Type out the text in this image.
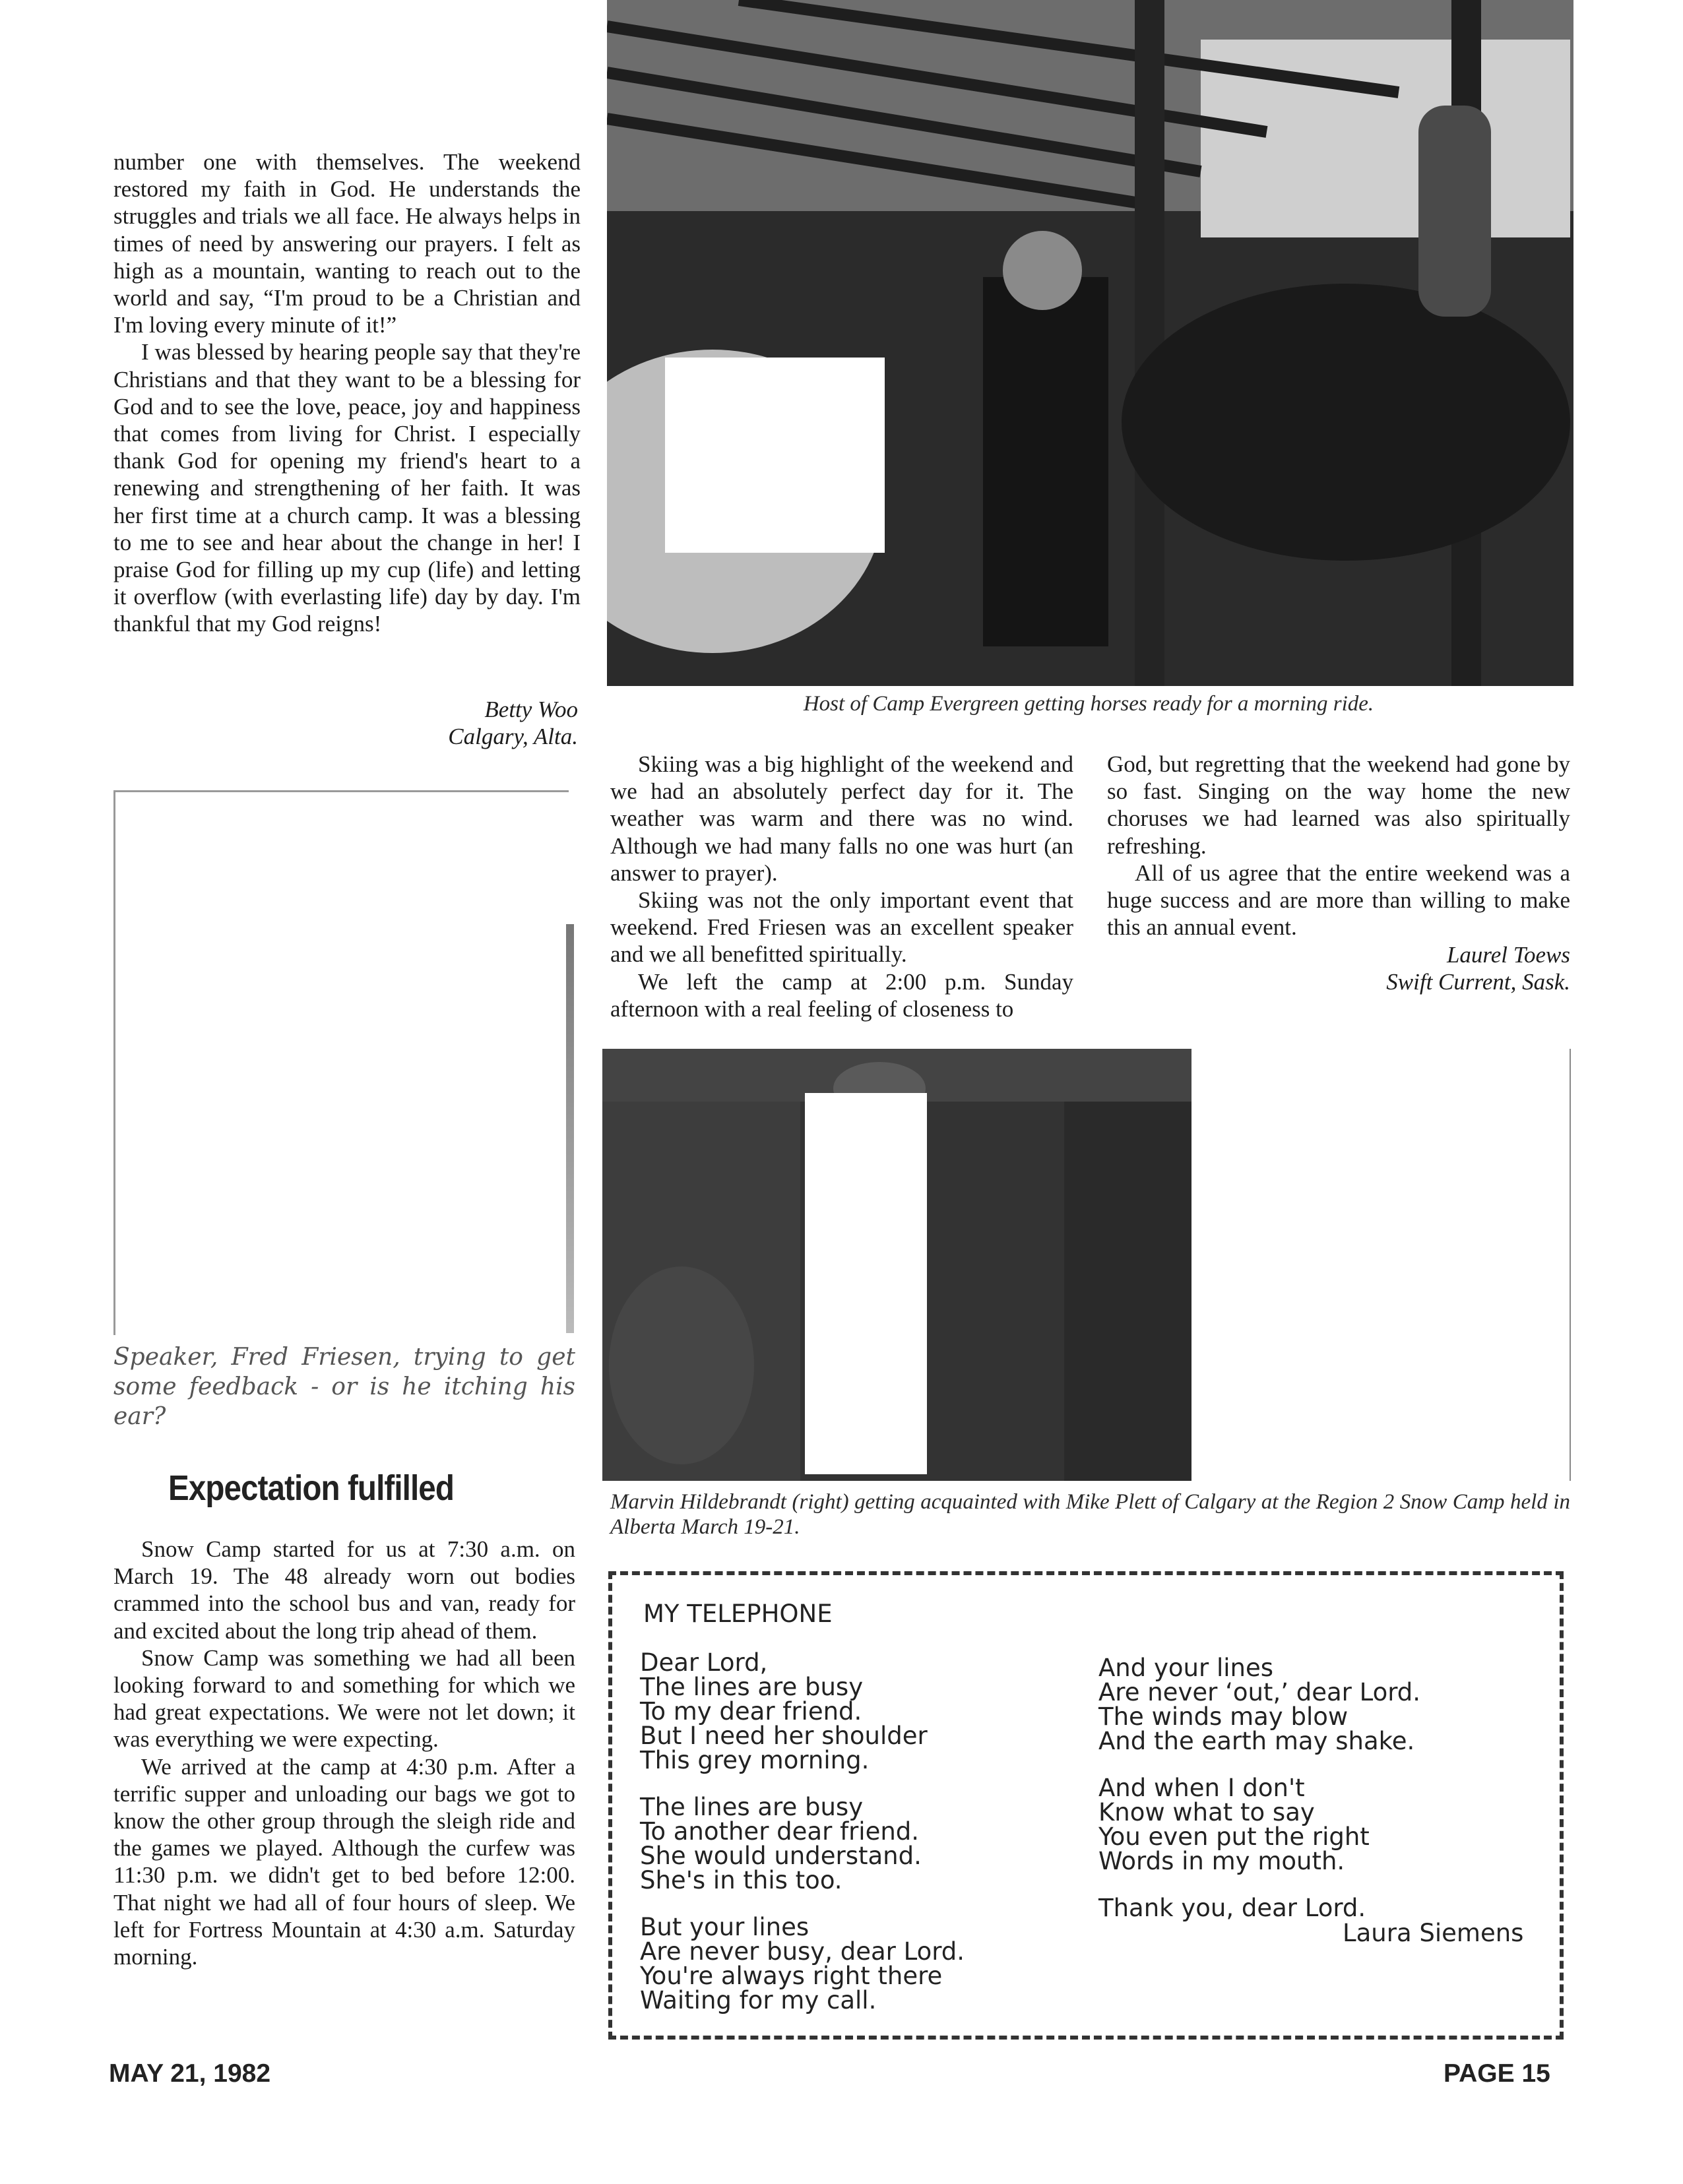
number one with themselves. The weekend restored my faith in God. He understands the struggles and trials we all face. He always helps in times of need by answering our prayers. I felt as high as a mountain, wanting to reach out to the world and say, “I'm proud to be a Christian and I'm loving every minute of it!”

I was blessed by hearing people say that they're Christians and that they want to be a blessing for God and to see the love, peace, joy and happiness that comes from living for Christ. I especially thank God for opening my friend's heart to a renewing and strengthening of her faith. It was her first time at a church camp. It was a blessing to me to see and hear about the change in her! I praise God for filling up my cup (life) and letting it overflow (with everlasting life) day by day. I'm thankful that my God reigns!

Betty Woo
Calgary, Alta.
Speaker, Fred Friesen, trying to get some feedback - or is he itching his ear?
Expectation fulfilled

Snow Camp started for us at 7:30 a.m. on March 19. The 48 already worn out bodies crammed into the school bus and van, ready for and excited about the long trip ahead of them.

Snow Camp was something we had all been looking forward to and something for which we had great expectations. We were not let down; it was everything we were expecting.

We arrived at the camp at 4:30 p.m. After a terrific supper and unloading our bags we got to know the other group through the sleigh ride and the games we played. Although the curfew was 11:30 p.m. we didn't get to bed before 12:00. That night we had all of four hours of sleep. We left for Fortress Mountain at 4:30 a.m. Saturday morning.

Host of Camp Evergreen getting horses ready for a morning ride.

Skiing was a big highlight of the weekend and we had an absolutely perfect day for it. The weather was warm and there was no wind. Although we had many falls no one was hurt (an answer to prayer).

Skiing was not the only important event that weekend. Fred Friesen was an excellent speaker and we all benefitted spiritually.

We left the camp at 2:00 p.m. Sunday afternoon with a real feeling of closeness to

God, but regretting that the weekend had gone by so fast. Singing on the way home the new choruses we had learned was also spiritually refreshing.

All of us agree that the entire weekend was a huge success and are more than willing to make this an annual event.

Laurel Toews
Swift Current, Sask.
Marvin Hildebrandt (right) getting acquainted with Mike Plett of Calgary at the Region 2 Snow Camp held in Alberta March 19-21.
MY TELEPHONE
Dear Lord,
The lines are busy
To my dear friend.
But I need her shoulder
This grey morning.
The lines are busy
To another dear friend.
She would understand.
She's in this too.
But your lines
Are never busy, dear Lord.
You're always right there
Waiting for my call.
And your lines
Are never ‘out,’ dear Lord.
The winds may blow
And the earth may shake.
And when I don't
Know what to say
You even put the right
Words in my mouth.
Thank you, dear Lord.
Laura Siemens
MAY 21, 1982	PAGE 15
